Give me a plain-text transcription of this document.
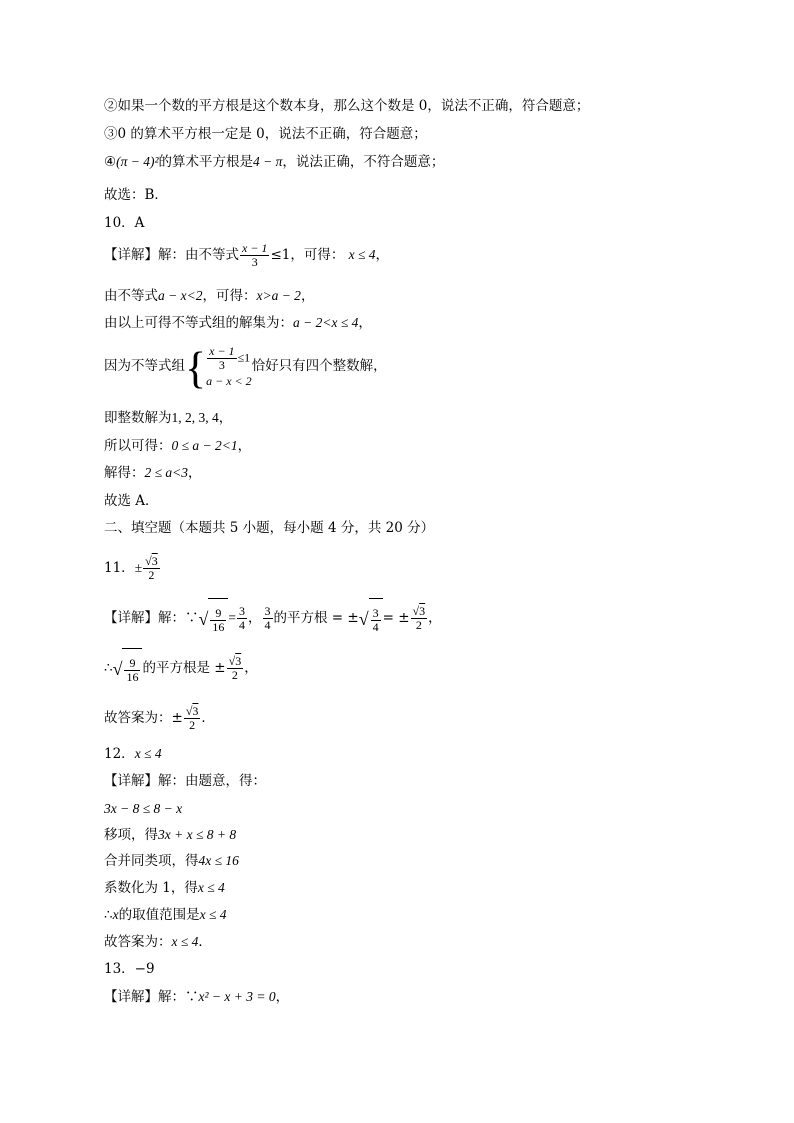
②如果一个数的平方根是这个数本身，那么这个数是 0，说法不正确，符合题意；
③0 的算术平方根一定是 0，说法不正确，符合题意；
④(π − 4)²的算术平方根是4 − π，说法正确，不符合题意；
故选：B．
10．A
【详解】解：由不等式 $\frac{x - 1}{3} \le 1$，可得： x ≤ 4，
由不等式a − x<2，可得：x>a − 2，
由以上可得不等式组的解集为：a − 2<x ≤ 4，
因为不等式组{ $\frac{x - 1}{3} \le 1$
a − x < 2
恰好只有四个整数解，
即整数解为1, 2, 3, 4，
所以可得：0 ≤ a − 2<1，
解得：2 ≤ a<3，
故选 A．
二、填空题（本题共 5 小题，每小题 4 分，共 20 分）
11．± $\frac{√3}{2}$
【详解】解：∵√ $\frac{9}{16} = \frac{3}{4}$ ， $\frac{3}{4}$ 的平方根 = ±√ $\frac{3}{4}$ = ± $\frac{√3}{2}$ ，
∴√ $\frac{9}{16}$ 的平方根是 ± $\frac{√3}{2}$ ，
故答案为：± $\frac{√3}{2}$ ．
12．x ≤ 4
【详解】解：由题意，得：
3x − 8 ≤ 8 − x
移项，得3x + x ≤ 8 + 8
合并同类项，得4x ≤ 16
系数化为 1，得x ≤ 4
∴x的取值范围是x ≤ 4
故答案为：x ≤ 4．
13．−9
【详解】解：∵x² − x + 3 = 0，
